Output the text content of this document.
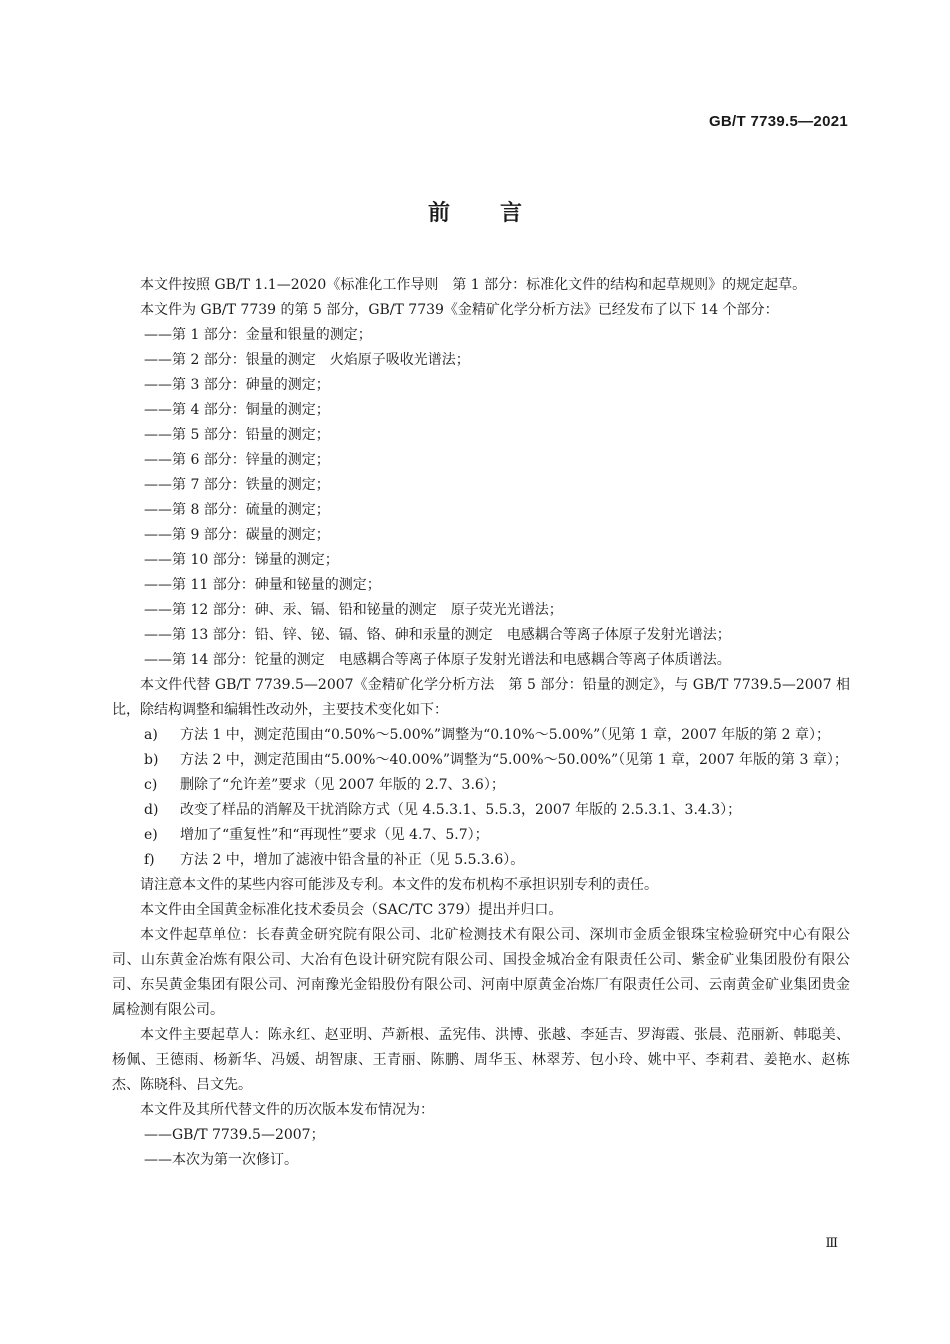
GB/T 7739.5—2021
前言

本文件按照 GB/T 1.1—2020《标准化工作导则　第 1 部分：标准化文件的结构和起草规则》的规定起草。

本文件为 GB/T 7739 的第 5 部分，GB/T 7739《金精矿化学分析方法》已经发布了以下 14 个部分：

——第 1 部分：金量和银量的测定；

——第 2 部分：银量的测定　火焰原子吸收光谱法；

——第 3 部分：砷量的测定；

——第 4 部分：铜量的测定；

——第 5 部分：铅量的测定；

——第 6 部分：锌量的测定；

——第 7 部分：铁量的测定；

——第 8 部分：硫量的测定；

——第 9 部分：碳量的测定；

——第 10 部分：锑量的测定；

——第 11 部分：砷量和铋量的测定；

——第 12 部分：砷、汞、镉、铅和铋量的测定　原子荧光光谱法；

——第 13 部分：铅、锌、铋、镉、铬、砷和汞量的测定　电感耦合等离子体原子发射光谱法；

——第 14 部分：铊量的测定　电感耦合等离子体原子发射光谱法和电感耦合等离子体质谱法。

本文件代替 GB/T 7739.5—2007《金精矿化学分析方法　第 5 部分：铅量的测定》，与 GB/T 7739.5—2007 相比，除结构调整和编辑性改动外，主要技术变化如下：

a) 方法 1 中，测定范围由“0.50%～5.00%”调整为“0.10%～5.00%”（见第 1 章，2007 年版的第 2 章）；

b) 方法 2 中，测定范围由“5.00%～40.00%”调整为“5.00%～50.00%”（见第 1 章，2007 年版的第 3 章）；

c) 删除了“允许差”要求（见 2007 年版的 2.7、3.6）；

d) 改变了样品的消解及干扰消除方式（见 4.5.3.1、5.5.3，2007 年版的 2.5.3.1、3.4.3）；

e) 增加了“重复性”和“再现性”要求（见 4.7、5.7）；

f) 方法 2 中，增加了滤液中铅含量的补正（见 5.5.3.6）。

请注意本文件的某些内容可能涉及专利。本文件的发布机构不承担识别专利的责任。

本文件由全国黄金标准化技术委员会（SAC/TC 379）提出并归口。

本文件起草单位：长春黄金研究院有限公司、北矿检测技术有限公司、深圳市金质金银珠宝检验研究中心有限公司、山东黄金冶炼有限公司、大冶有色设计研究院有限公司、国投金城冶金有限责任公司、紫金矿业集团股份有限公司、东吴黄金集团有限公司、河南豫光金铅股份有限公司、河南中原黄金冶炼厂有限责任公司、云南黄金矿业集团贵金属检测有限公司。

本文件主要起草人：陈永红、赵亚明、芦新根、孟宪伟、洪博、张越、李延吉、罗海霞、张晨、范丽新、韩聪美、杨佩、王德雨、杨新华、冯媛、胡智康、王青丽、陈鹏、周华玉、林翠芳、包小玲、姚中平、李莉君、姜艳水、赵栋杰、陈晓科、吕文先。

本文件及其所代替文件的历次版本发布情况为：

——GB/T 7739.5—2007；

——本次为第一次修订。

Ⅲ
